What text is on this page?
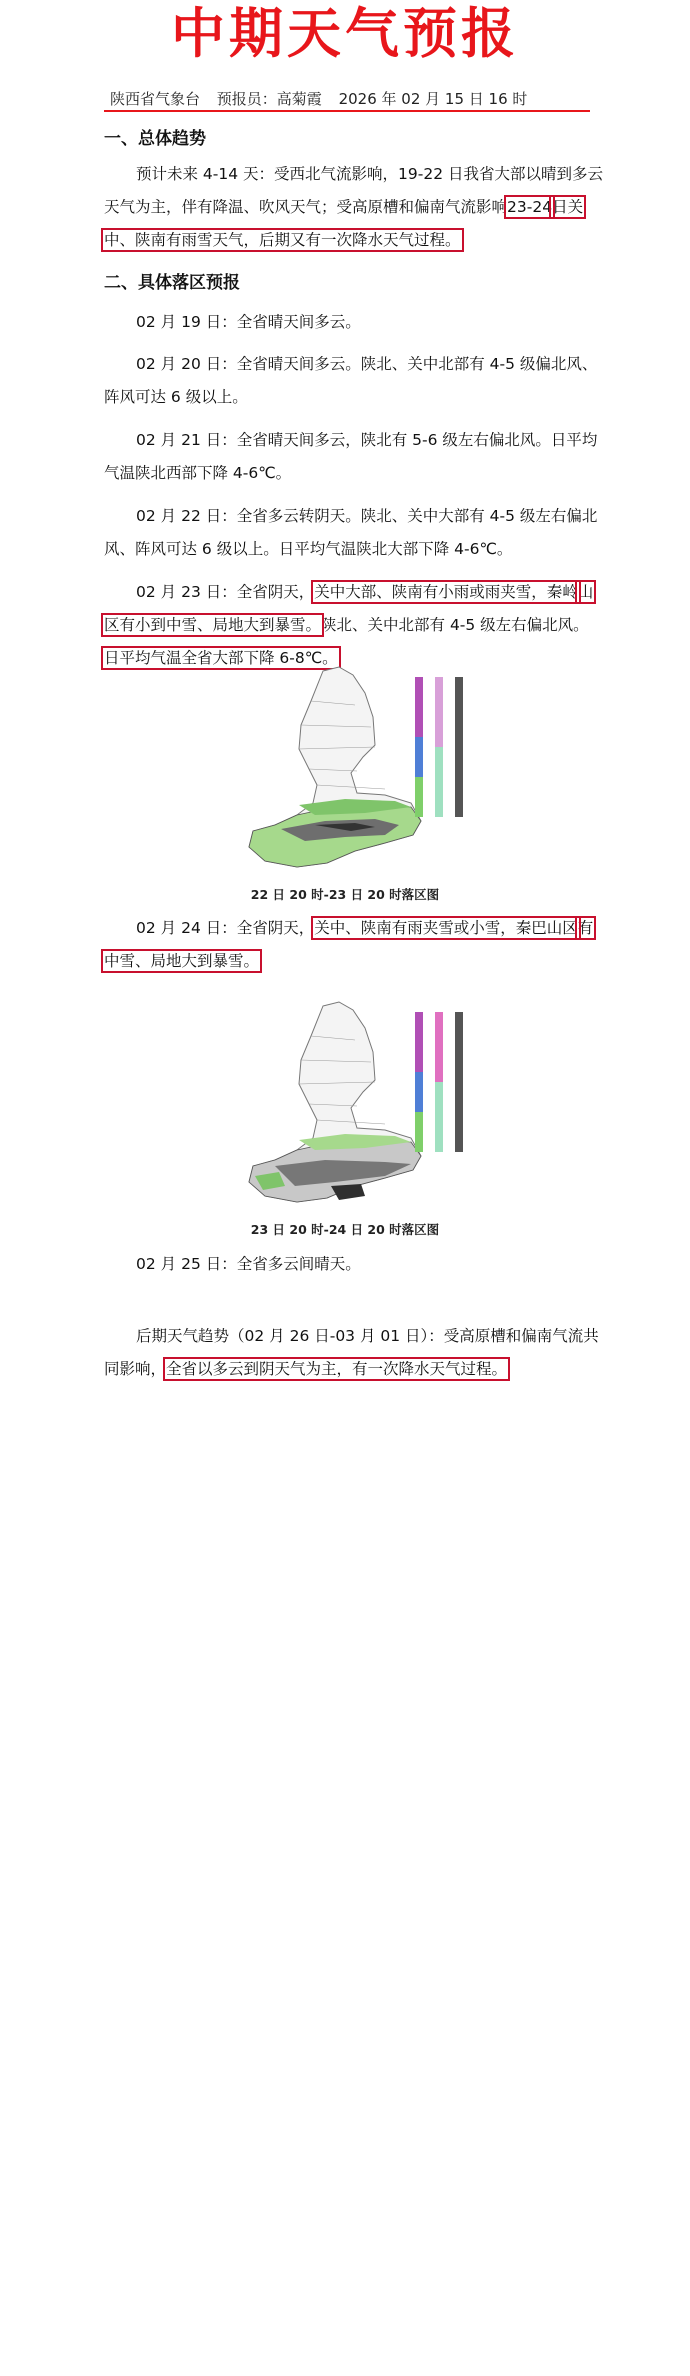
中期天气预报
陕西省气象台 预报员：高菊霞 2026 年 02 月 15 日 16 时
一、总体趋势
预计未来 4-14 天：受西北气流影响，19-22 日我省大部以晴到多云天气为主，伴有降温、吹风天气；受高原槽和偏南气流影响23-24日关中、陕南有雨雪天气，后期又有一次降水天气过程。
二、具体落区预报
02 月 19 日：全省晴天间多云。
02 月 20 日：全省晴天间多云。陕北、关中北部有 4-5 级偏北风、阵风可达 6 级以上。
02 月 21 日：全省晴天间多云，陕北有 5-6 级左右偏北风。日平均气温陕北西部下降 4-6℃。
02 月 22 日：全省多云转阴天。陕北、关中大部有 4-5 级左右偏北风、阵风可达 6 级以上。日平均气温陕北大部下降 4-6℃。
02 月 23 日：全省阴天，关中大部、陕南有小雨或雨夹雪，秦岭山区有小到中雪、局地大到暴雪。陕北、关中北部有 4-5 级左右偏北风。日平均气温全省大部下降 6-8℃。
22 日 20 时-23 日 20 时落区图
02 月 24 日：全省阴天，关中、陕南有雨夹雪或小雪，秦巴山区有中雪、局地大到暴雪。
23 日 20 时-24 日 20 时落区图
02 月 25 日：全省多云间晴天。
后期天气趋势（02 月 26 日-03 月 01 日）：受高原槽和偏南气流共同影响，全省以多云到阴天气为主，有一次降水天气过程。
